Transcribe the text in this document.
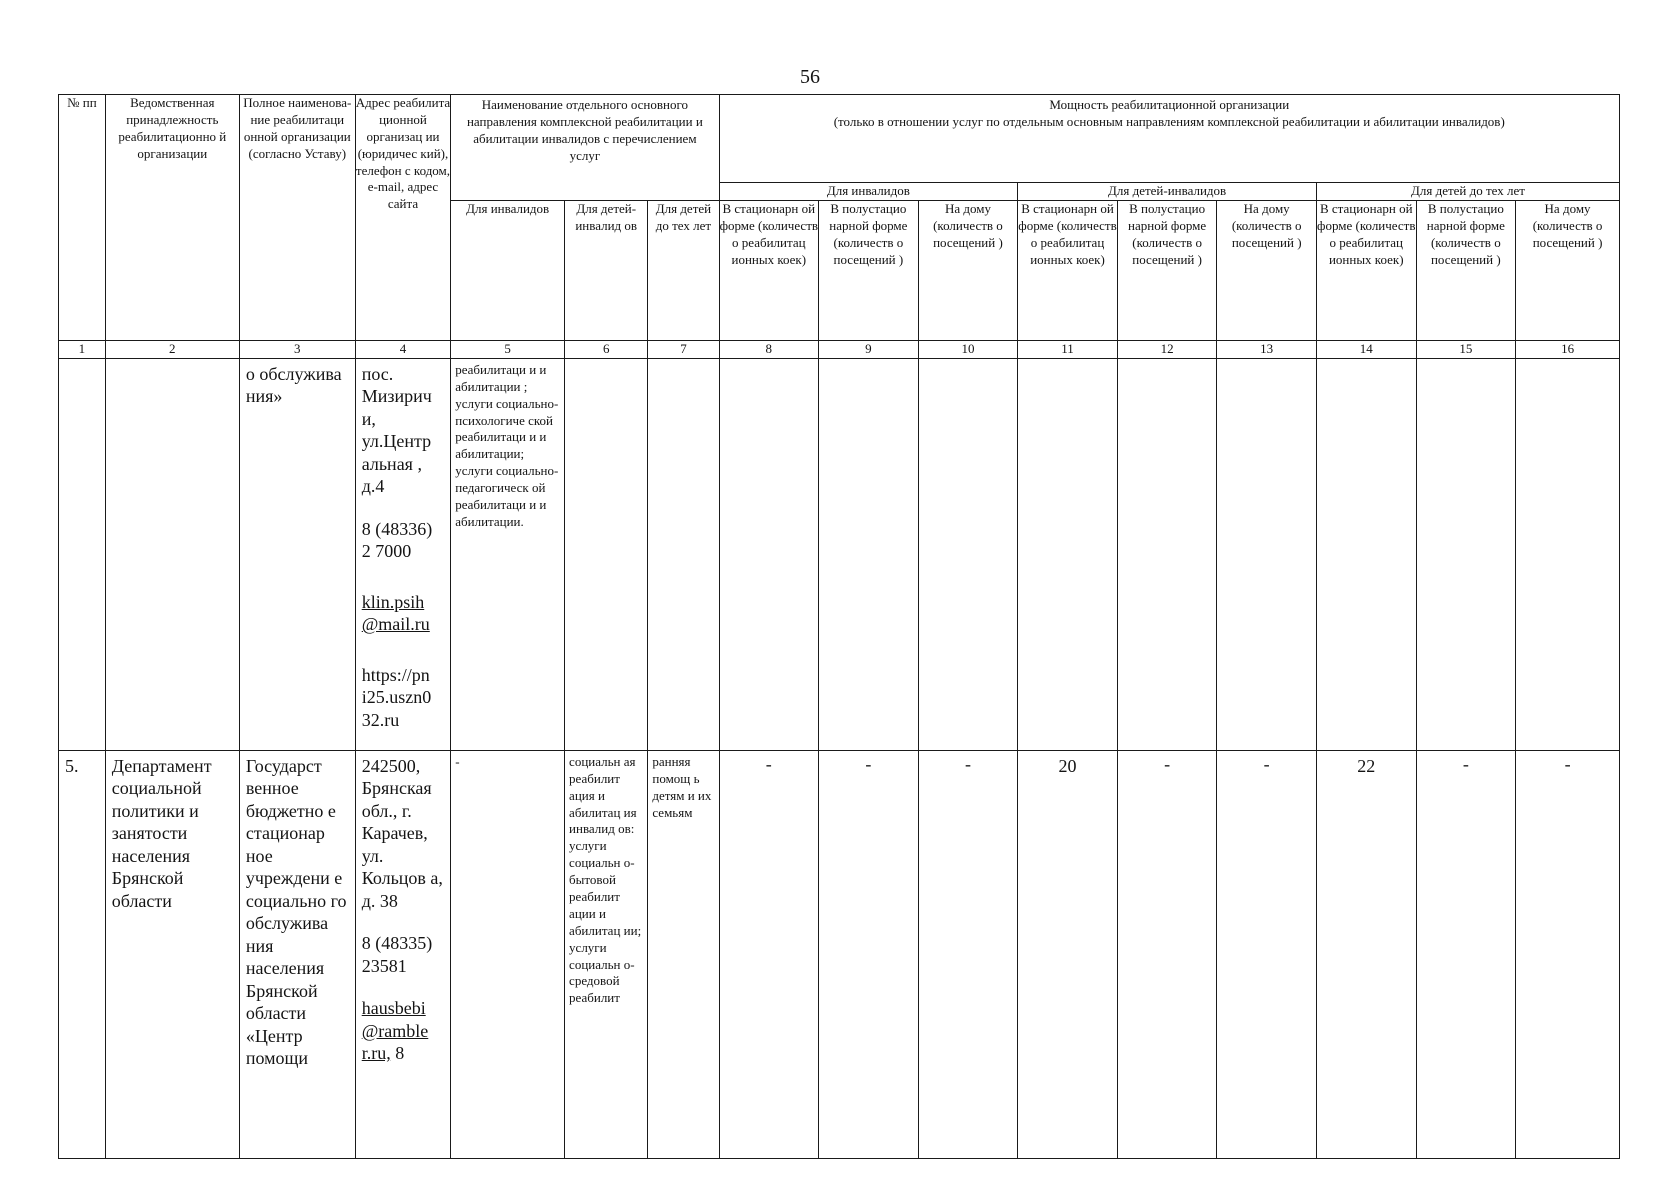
56
№ пп	Ведомственная принадлежность реабилитационно й организации	Полное наименова-ние реабилитаци онной организации (согласно Уставу)	Адрес реабилита ционной организац ии (юридичес кий), телефон с кодом, e-mail, адрес сайта	Наименование отдельного основного направления комплексной реабилитации и абилитации инвалидов с перечислением услуг			Мощность реабилитационной организации
(только в отношении услуг по отдельным основным направлениям комплексной реабилитации и абилитации инвалидов)								

							Для инвалидов			Для детей-инвалидов			Для детей до тех лет		
				Для инвалидов	Для детей-инвалид ов	Для детей до тех лет	В стационарн ой форме (количеств о реабилитац ионных коек)	В полустацио нарной форме (количеств о посещений )	На дому (количеств о посещений )	В стационарн ой форме (количеств о реабилитац ионных коек)	В полустацио нарной форме (количеств о посещений )	На дому (количеств о посещений )	В стационарн ой форме (количеств о реабилитац ионных коек)	В полустацио нарной форме (количеств о посещений )	На дому (количеств о посещений )
1	2	3	4	5	6	7	8	9	10	11	12	13	14	15	16
		о обслужива ния»	пос. Мизирич и, ул.Центр альная , д.4
8 (48336) 2 7000
klin.psih @mail.ru
https://pn i25.uszn0 32.ru	реабилитаци и и абилитации ; услуги социально-психологиче ской реабилитаци и и абилитации; услуги социально-педагогическ ой реабилитаци и и абилитации.											
5.	Департамент социальной политики и занятости населения Брянской области	Государст венное бюджетно е стационар ное учреждени е социально го обслужива ния населения Брянской области «Центр помощи	242500, Брянская обл., г. Карачев, ул. Кольцов а, д. 38
8 (48335) 23581
hausbebi @ramble r.ru, 8	-	социальн ая реабилит ация и абилитац ия инвалид ов: услуги социальн о-бытовой реабилит ации и абилитац ии; услуги социальн о-средовой реабилит	ранняя помощ ь детям и их семьям	-	-	-	20	-	-	22	-	-
